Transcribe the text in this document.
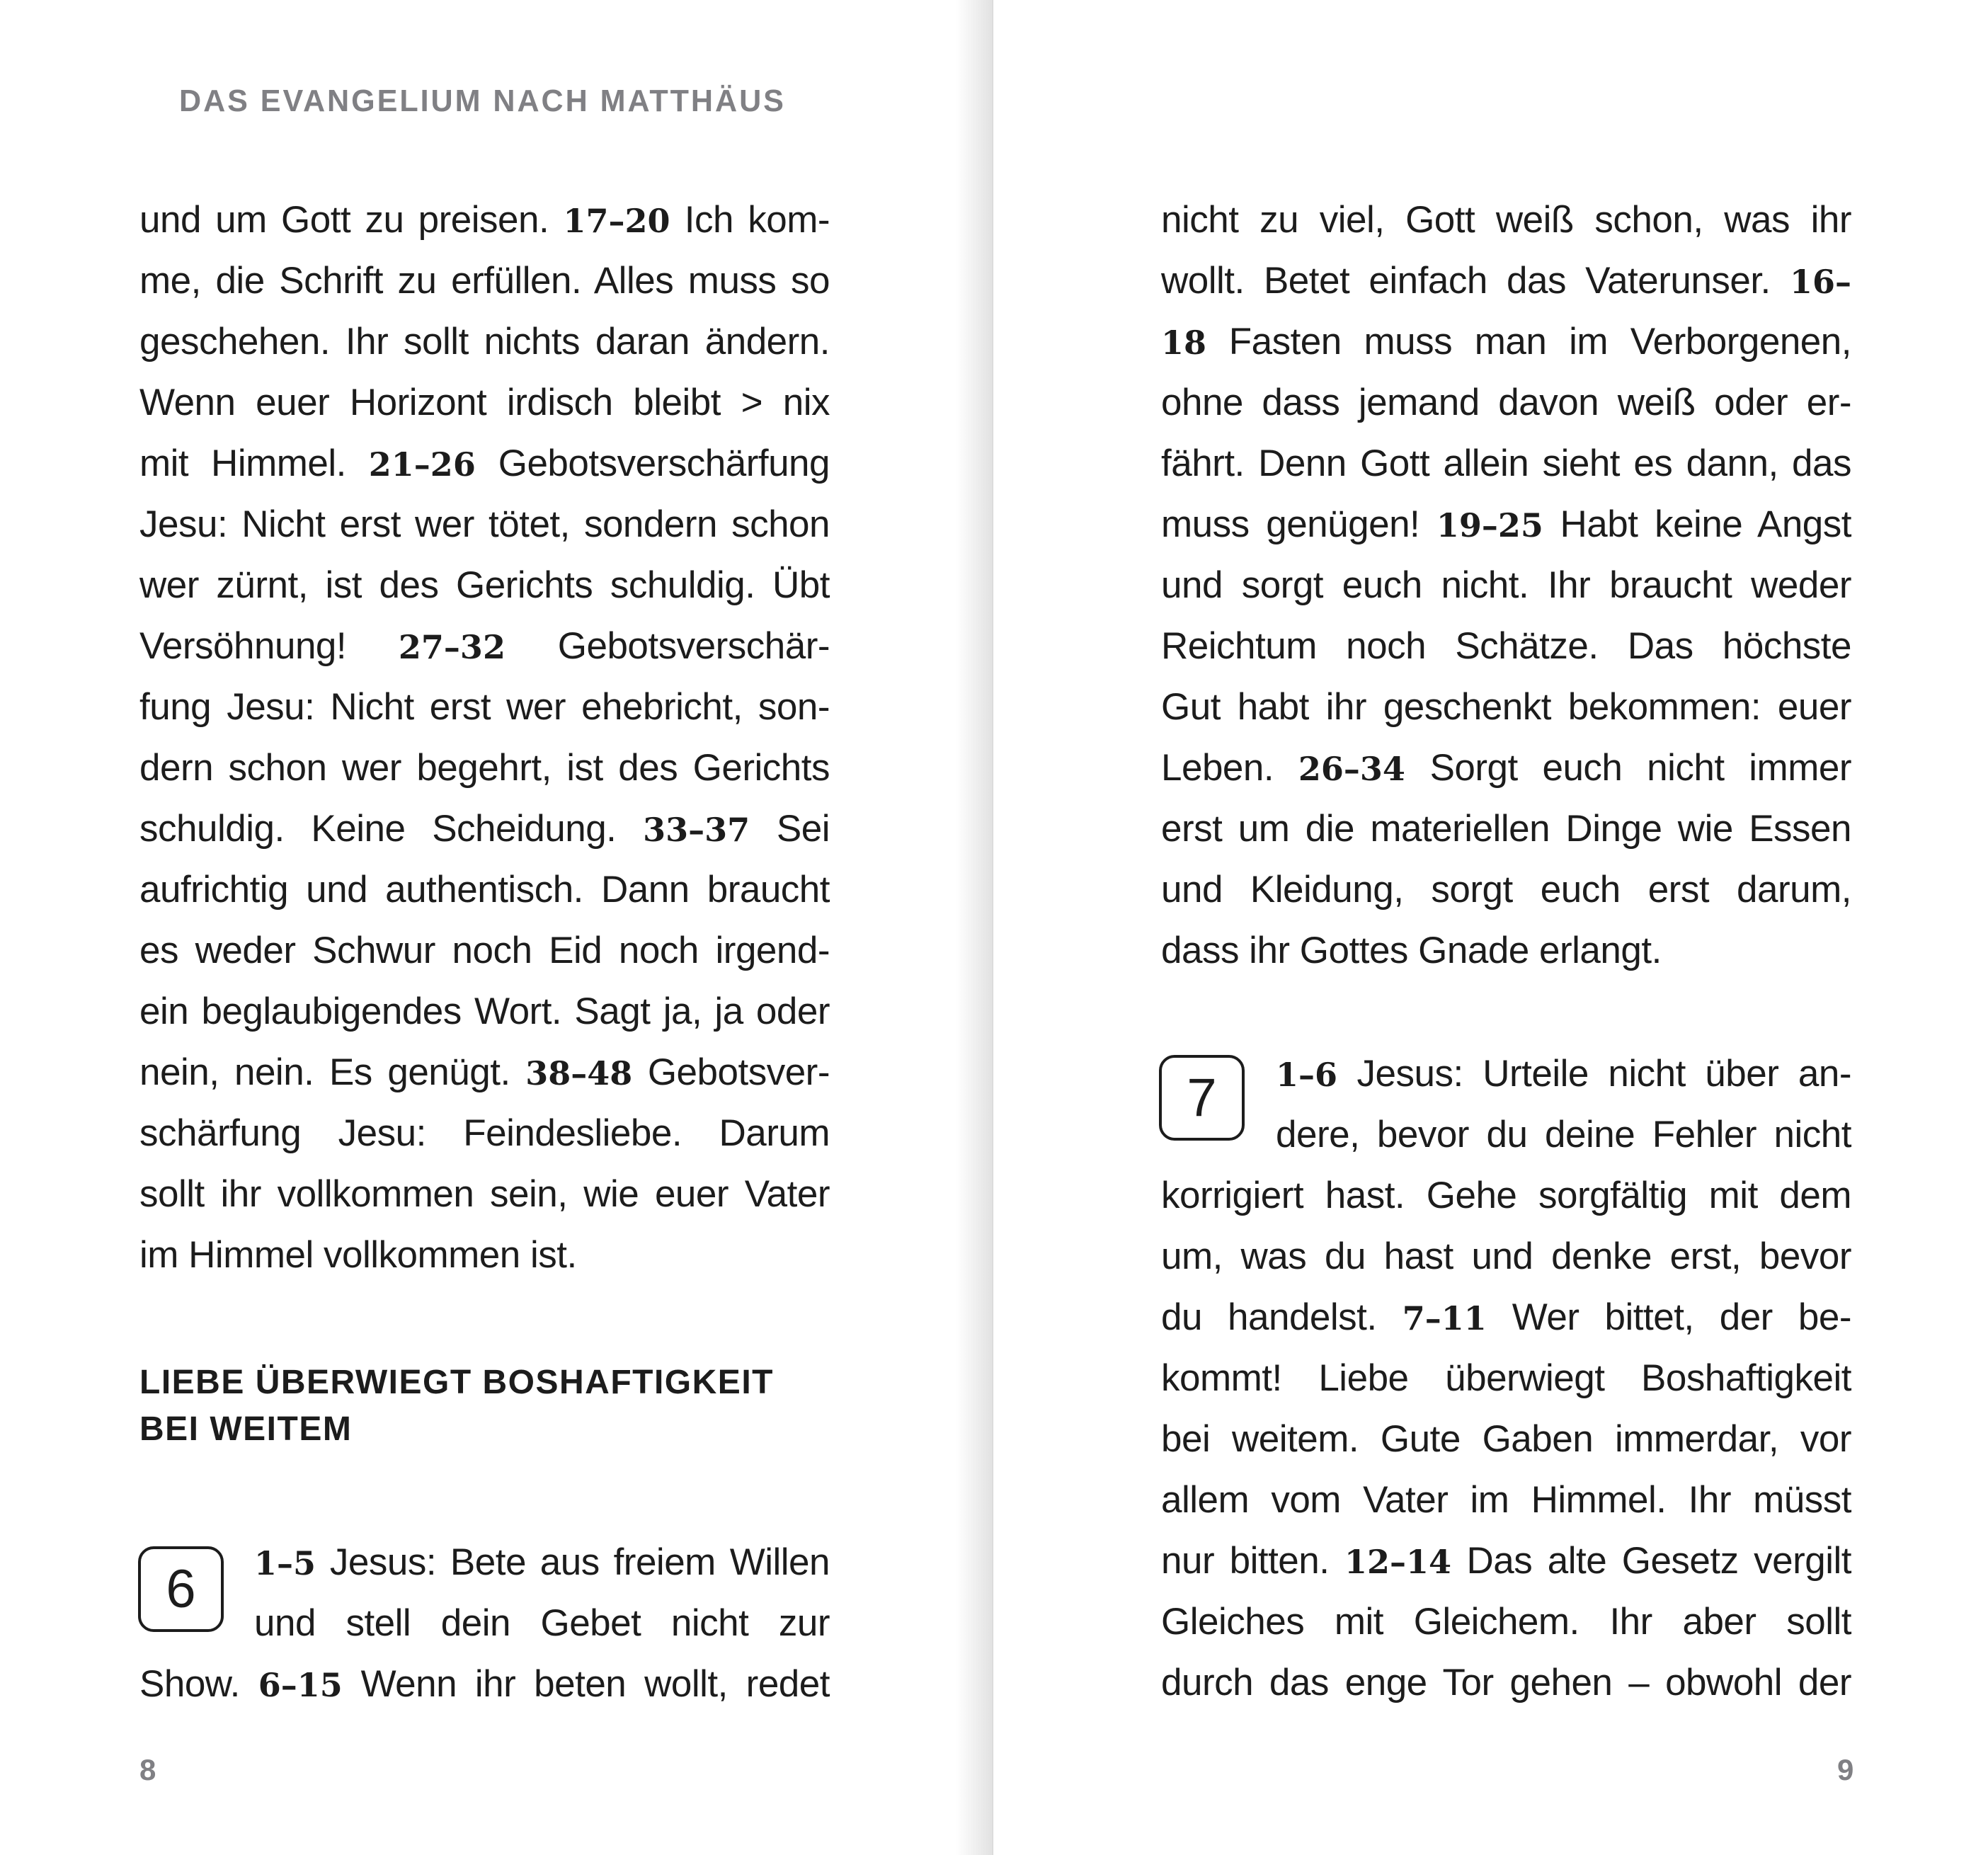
DAS EVANGELIUM NACH MATTHÄUS
und um Gott zu preisen. 17–20 Ich kom-
me, die Schrift zu erfüllen. Alles muss so
geschehen. Ihr sollt nichts daran ändern.
Wenn euer Horizont irdisch bleibt > nix
mit Himmel. 21–26 Gebotsverschärfung
Jesu: Nicht erst wer tötet, sondern schon
wer zürnt, ist des Gerichts schuldig. Übt
Versöhnung! 27–32 Gebotsverschär-
fung Jesu: Nicht erst wer ehebricht, son-
dern schon wer begehrt, ist des Gerichts
schuldig. Keine Scheidung. 33–37 Sei
aufrichtig und authentisch. Dann braucht
es weder Schwur noch Eid noch irgend-
ein beglaubigendes Wort. Sagt ja, ja oder
nein, nein. Es genügt. 38–48 Gebotsver-
schärfung Jesu: Feindesliebe. Darum
sollt ihr vollkommen sein, wie euer Vater
im Himmel vollkommen ist.
LIEBE ÜBERWIEGT BOSHAFTIGKEIT
BEI WEITEM
6 1–5 Jesus: Bete aus freiem Willen
und stell dein Gebet nicht zur
Show. 6–15 Wenn ihr beten wollt, redet
8
nicht zu viel, Gott weiß schon, was ihr
wollt. Betet einfach das Vaterunser. 16–
18 Fasten muss man im Verborgenen,
ohne dass jemand davon weiß oder er-
fährt. Denn Gott allein sieht es dann, das
muss genügen! 19–25 Habt keine Angst
und sorgt euch nicht. Ihr braucht weder
Reichtum noch Schätze. Das höchste
Gut habt ihr geschenkt bekommen: euer
Leben. 26–34 Sorgt euch nicht immer
erst um die materiellen Dinge wie Essen
und Kleidung, sorgt euch erst darum,
dass ihr Gottes Gnade erlangt.
7 1–6 Jesus: Urteile nicht über an-
dere, bevor du deine Fehler nicht
korrigiert hast. Gehe sorgfältig mit dem
um, was du hast und denke erst, bevor
du handelst. 7–11 Wer bittet, der be-
kommt! Liebe überwiegt Boshaftigkeit
bei weitem. Gute Gaben immerdar, vor
allem vom Vater im Himmel. Ihr müsst
nur bitten. 12–14 Das alte Gesetz vergilt
Gleiches mit Gleichem. Ihr aber sollt
durch das enge Tor gehen – obwohl der
9
